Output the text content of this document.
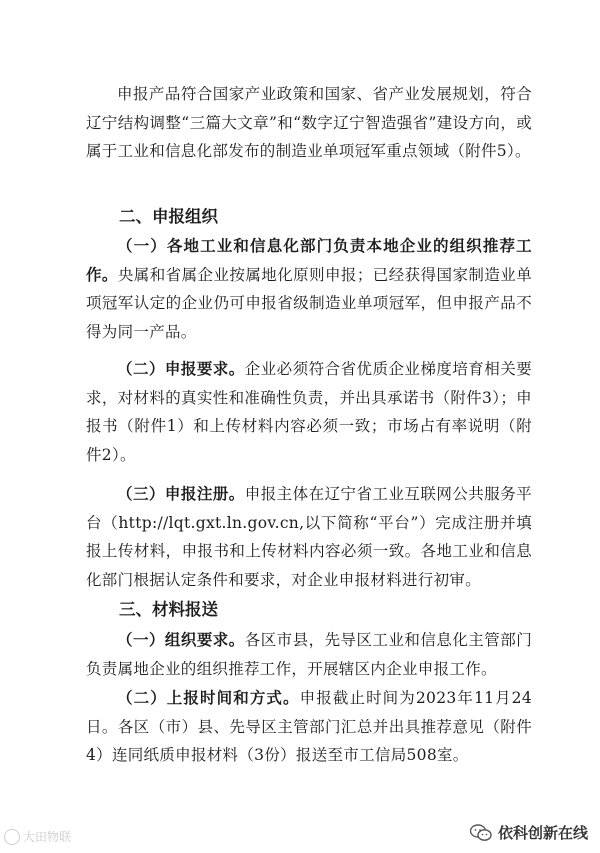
申报产品符合国家产业政策和国家、省产业发展规划，符合辽宁结构调整“三篇大文章”和“数字辽宁智造强省”建设方向，或属于工业和信息化部发布的制造业单项冠军重点领域（附件5）。

二、申报组织

（一）各地工业和信息化部门负责本地企业的组织推荐工作。央属和省属企业按属地化原则申报；已经获得国家制造业单项冠军认定的企业仍可申报省级制造业单项冠军，但申报产品不得为同一产品。

（二）申报要求。企业必须符合省优质企业梯度培育相关要求，对材料的真实性和准确性负责，并出具承诺书（附件3）；申报书（附件1）和上传材料内容必须一致；市场占有率说明（附件2）。

（三）申报注册。申报主体在辽宁省工业互联网公共服务平台（http://lqt.gxt.ln.gov.cn,以下简称“平台”）完成注册并填报上传材料，申报书和上传材料内容必须一致。各地工业和信息化部门根据认定条件和要求，对企业申报材料进行初审。

三、材料报送

（一）组织要求。各区市县，先导区工业和信息化主管部门负责属地企业的组织推荐工作，开展辖区内企业申报工作。

（二）上报时间和方式。申报截止时间为2023年11月24日。各区（市）县、先导区主管部门汇总并出具推荐意见（附件4）连同纸质申报材料（3份）报送至市工信局508室。

大田物联	依科创新在线
